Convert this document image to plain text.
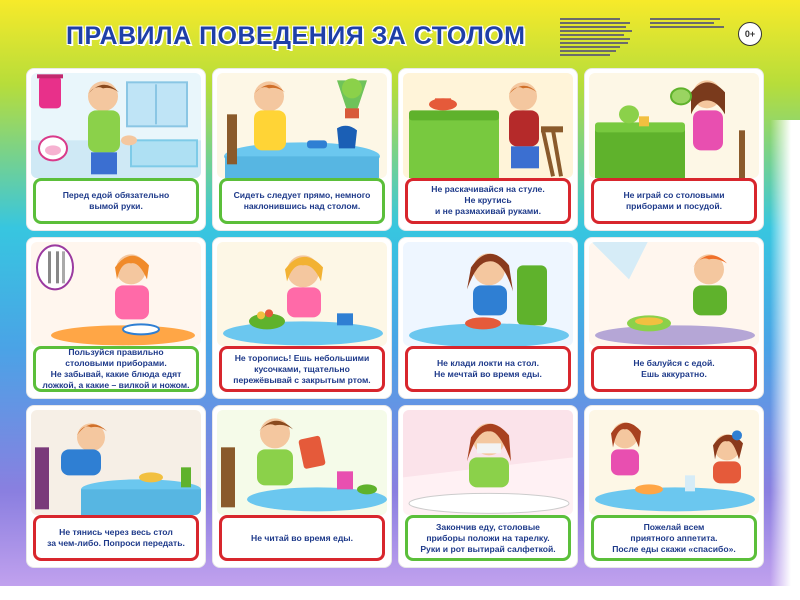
ПРАВИЛА ПОВЕДЕНИЯ ЗА СТОЛОМ	0+
Перед едой обязательно
вымой руки.
Сидеть следует прямо, немного
наклонившись над столом.
Не раскачивайся на стуле.
Не крутись
и не размахивай руками.
Не играй со столовыми
приборами и посудой.
Пользуйся правильно
столовыми приборами.
Не забывай, какие блюда едят
ложкой, а какие – вилкой и ножом.
Не торопись! Ешь небольшими
кусочками, тщательно
пережёвывай с закрытым ртом.
Не клади локти на стол.
Не мечтай во время еды.
Не балуйся с едой.
Ешь аккуратно.
Не тянись через весь стол
за чем-либо. Попроси передать.
Не читай во время еды.
Закончив еду, столовые
приборы положи на тарелку.
Руки и рот вытирай салфеткой.
Пожелай всем
приятного аппетита.
После еды скажи «спасибо».
